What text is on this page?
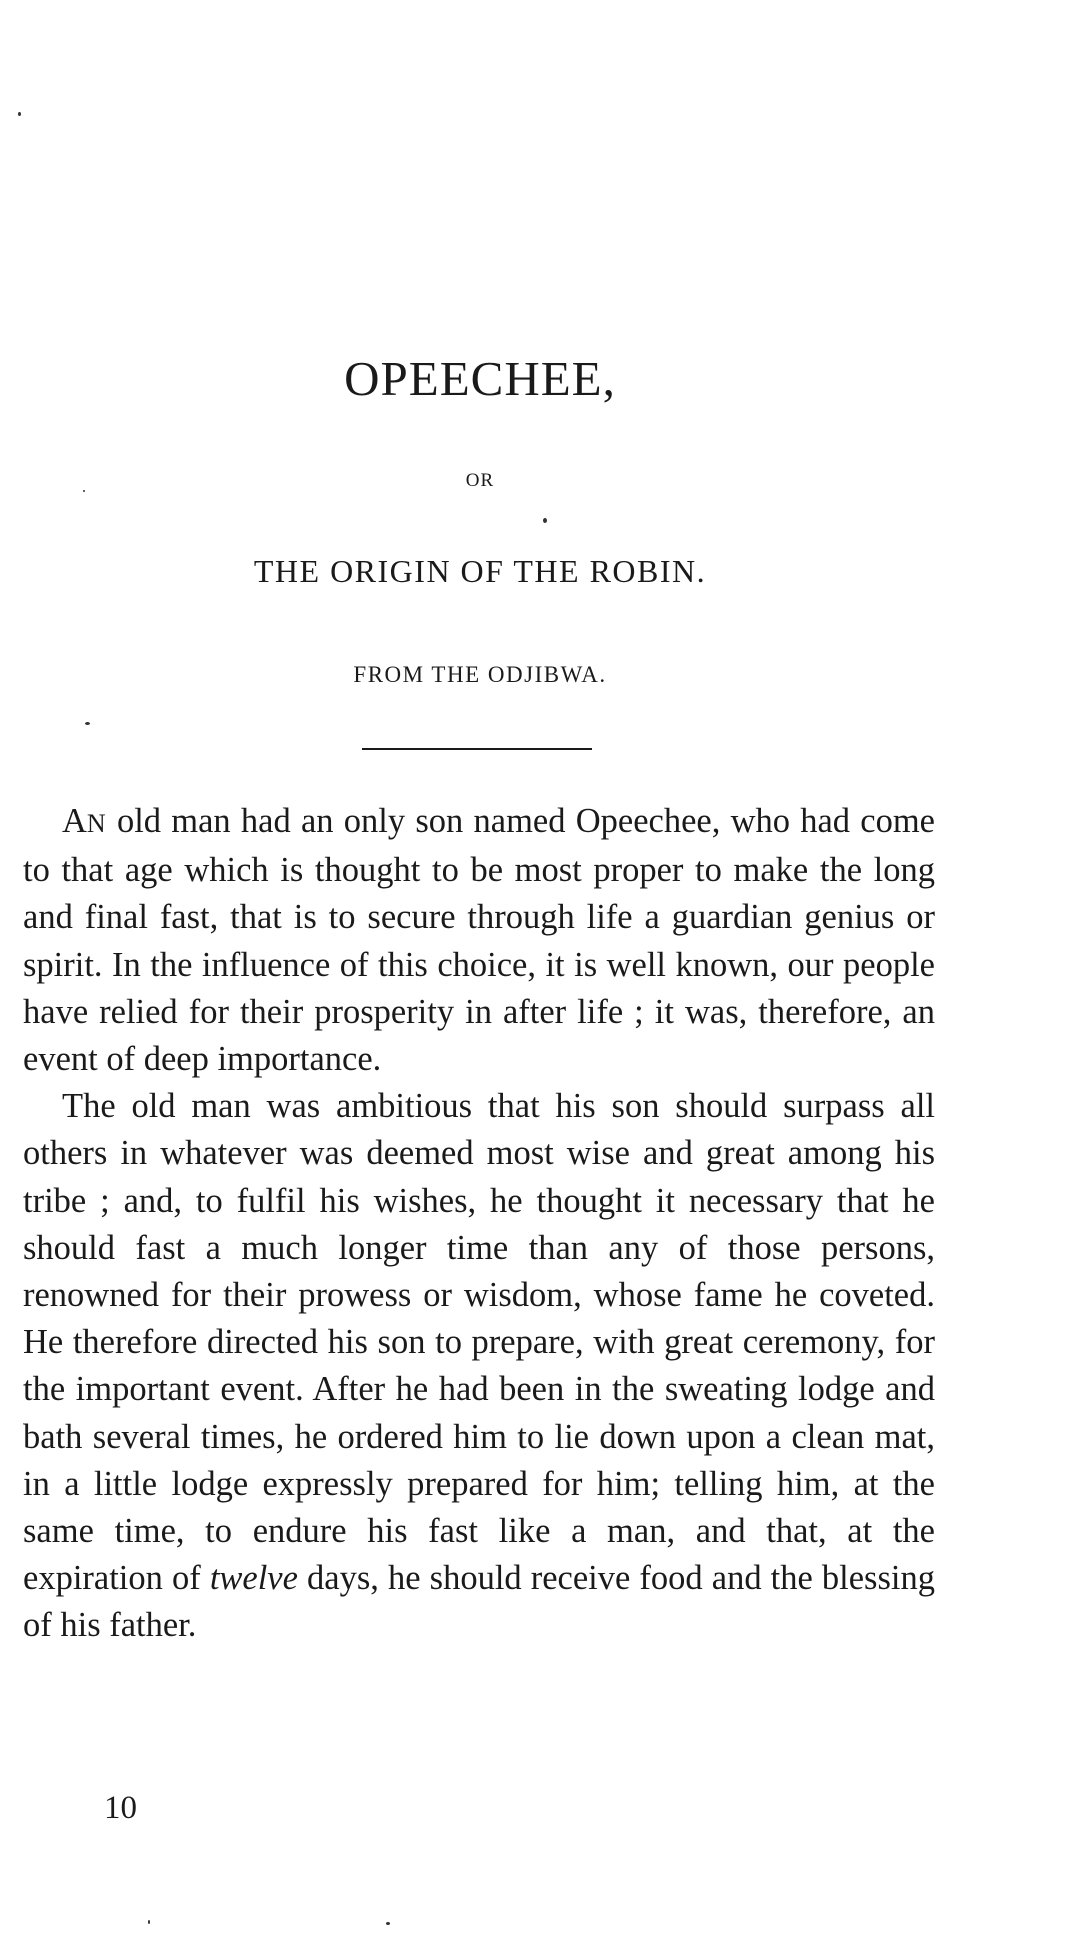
OPEECHEE,
OR
THE ORIGIN OF THE ROBIN.
FROM THE ODJIBWA.

AN old man had an only son named Opeechee, who had come to that age which is thought to be most proper to make the long and final fast, that is to secure through life a guardian genius or spirit. In the influence of this choice, it is well known, our people have relied for their prosperity in after life ; it was, therefore, an event of deep importance.

The old man was ambitious that his son should surpass all others in whatever was deemed most wise and great among his tribe ; and, to fulfil his wishes, he thought it necessary that he should fast a much longer time than any of those persons, renowned for their prowess or wisdom, whose fame he coveted. He therefore directed his son to prepare, with great ceremony, for the important event. After he had been in the sweating lodge and bath several times, he ordered him to lie down upon a clean mat, in a little lodge expressly prepared for him; telling him, at the same time, to endure his fast like a man, and that, at the expiration of twelve days, he should receive food and the blessing of his father.

10
